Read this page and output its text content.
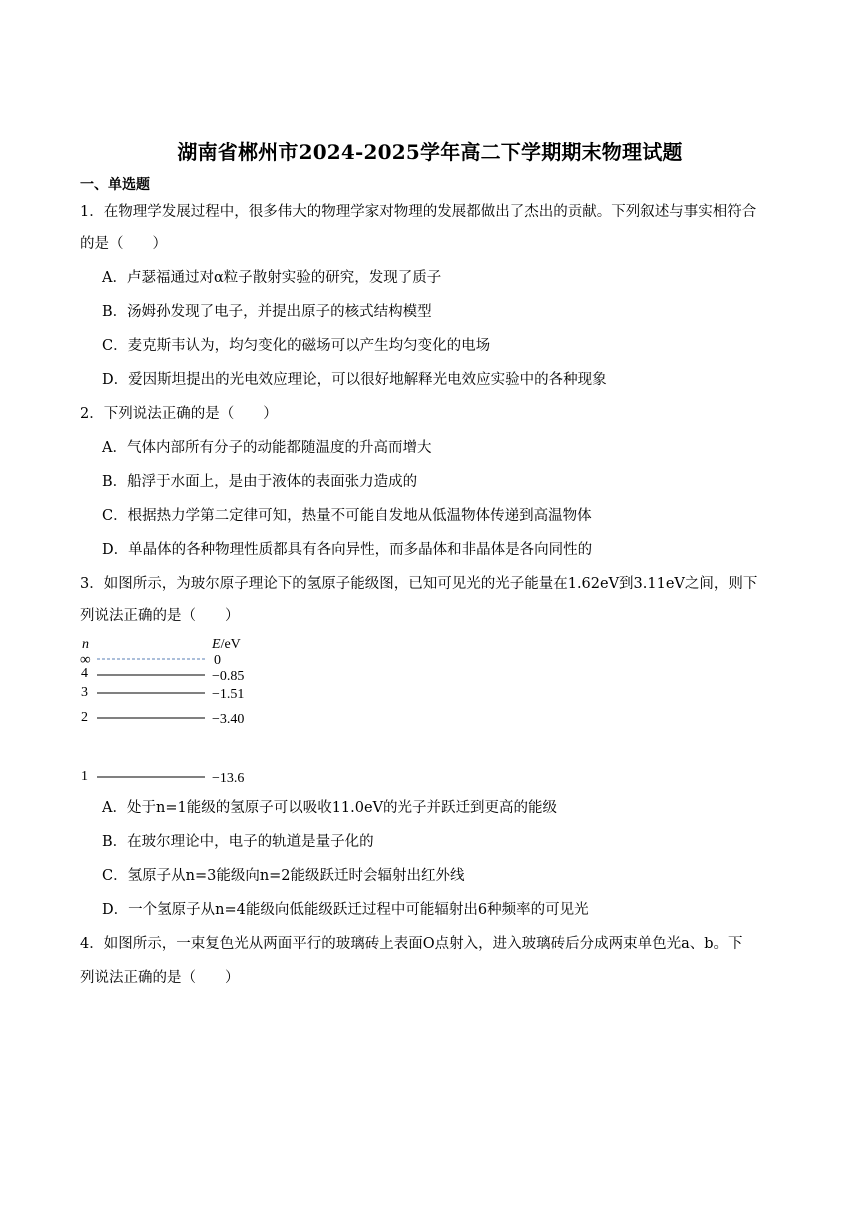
湖南省郴州市2024-2025学年高二下学期期末物理试题
一、单选题
1．在物理学发展过程中，很多伟大的物理学家对物理的发展都做出了杰出的贡献。下列叙述与事实相符合
的是（　　）
A．卢瑟福通过对α粒子散射实验的研究，发现了质子
B．汤姆孙发现了电子，并提出原子的核式结构模型
C．麦克斯韦认为，均匀变化的磁场可以产生均匀变化的电场
D．爱因斯坦提出的光电效应理论，可以很好地解释光电效应实验中的各种现象
2．下列说法正确的是（　　）
A．气体内部所有分子的动能都随温度的升高而增大
B．船浮于水面上，是由于液体的表面张力造成的
C．根据热力学第二定律可知，热量不可能自发地从低温物体传递到高温物体
D．单晶体的各种物理性质都具有各向异性，而多晶体和非晶体是各向同性的
3．如图所示，为玻尔原子理论下的氢原子能级图，已知可见光的光子能量在1.62eV到3.11eV之间，则下
列说法正确的是（　　）
n	E/eV
∞	0
4	−0.85
3	−1.51
2	−3.40
1	−13.6
A．处于n=1能级的氢原子可以吸收11.0eV的光子并跃迁到更高的能级
B．在玻尔理论中，电子的轨道是量子化的
C．氢原子从n=3能级向n=2能级跃迁时会辐射出红外线
D．一个氢原子从n=4能级向低能级跃迁过程中可能辐射出6种频率的可见光
4．如图所示，一束复色光从两面平行的玻璃砖上表面O点射入，进入玻璃砖后分成两束单色光a、b。下
列说法正确的是（　　）
